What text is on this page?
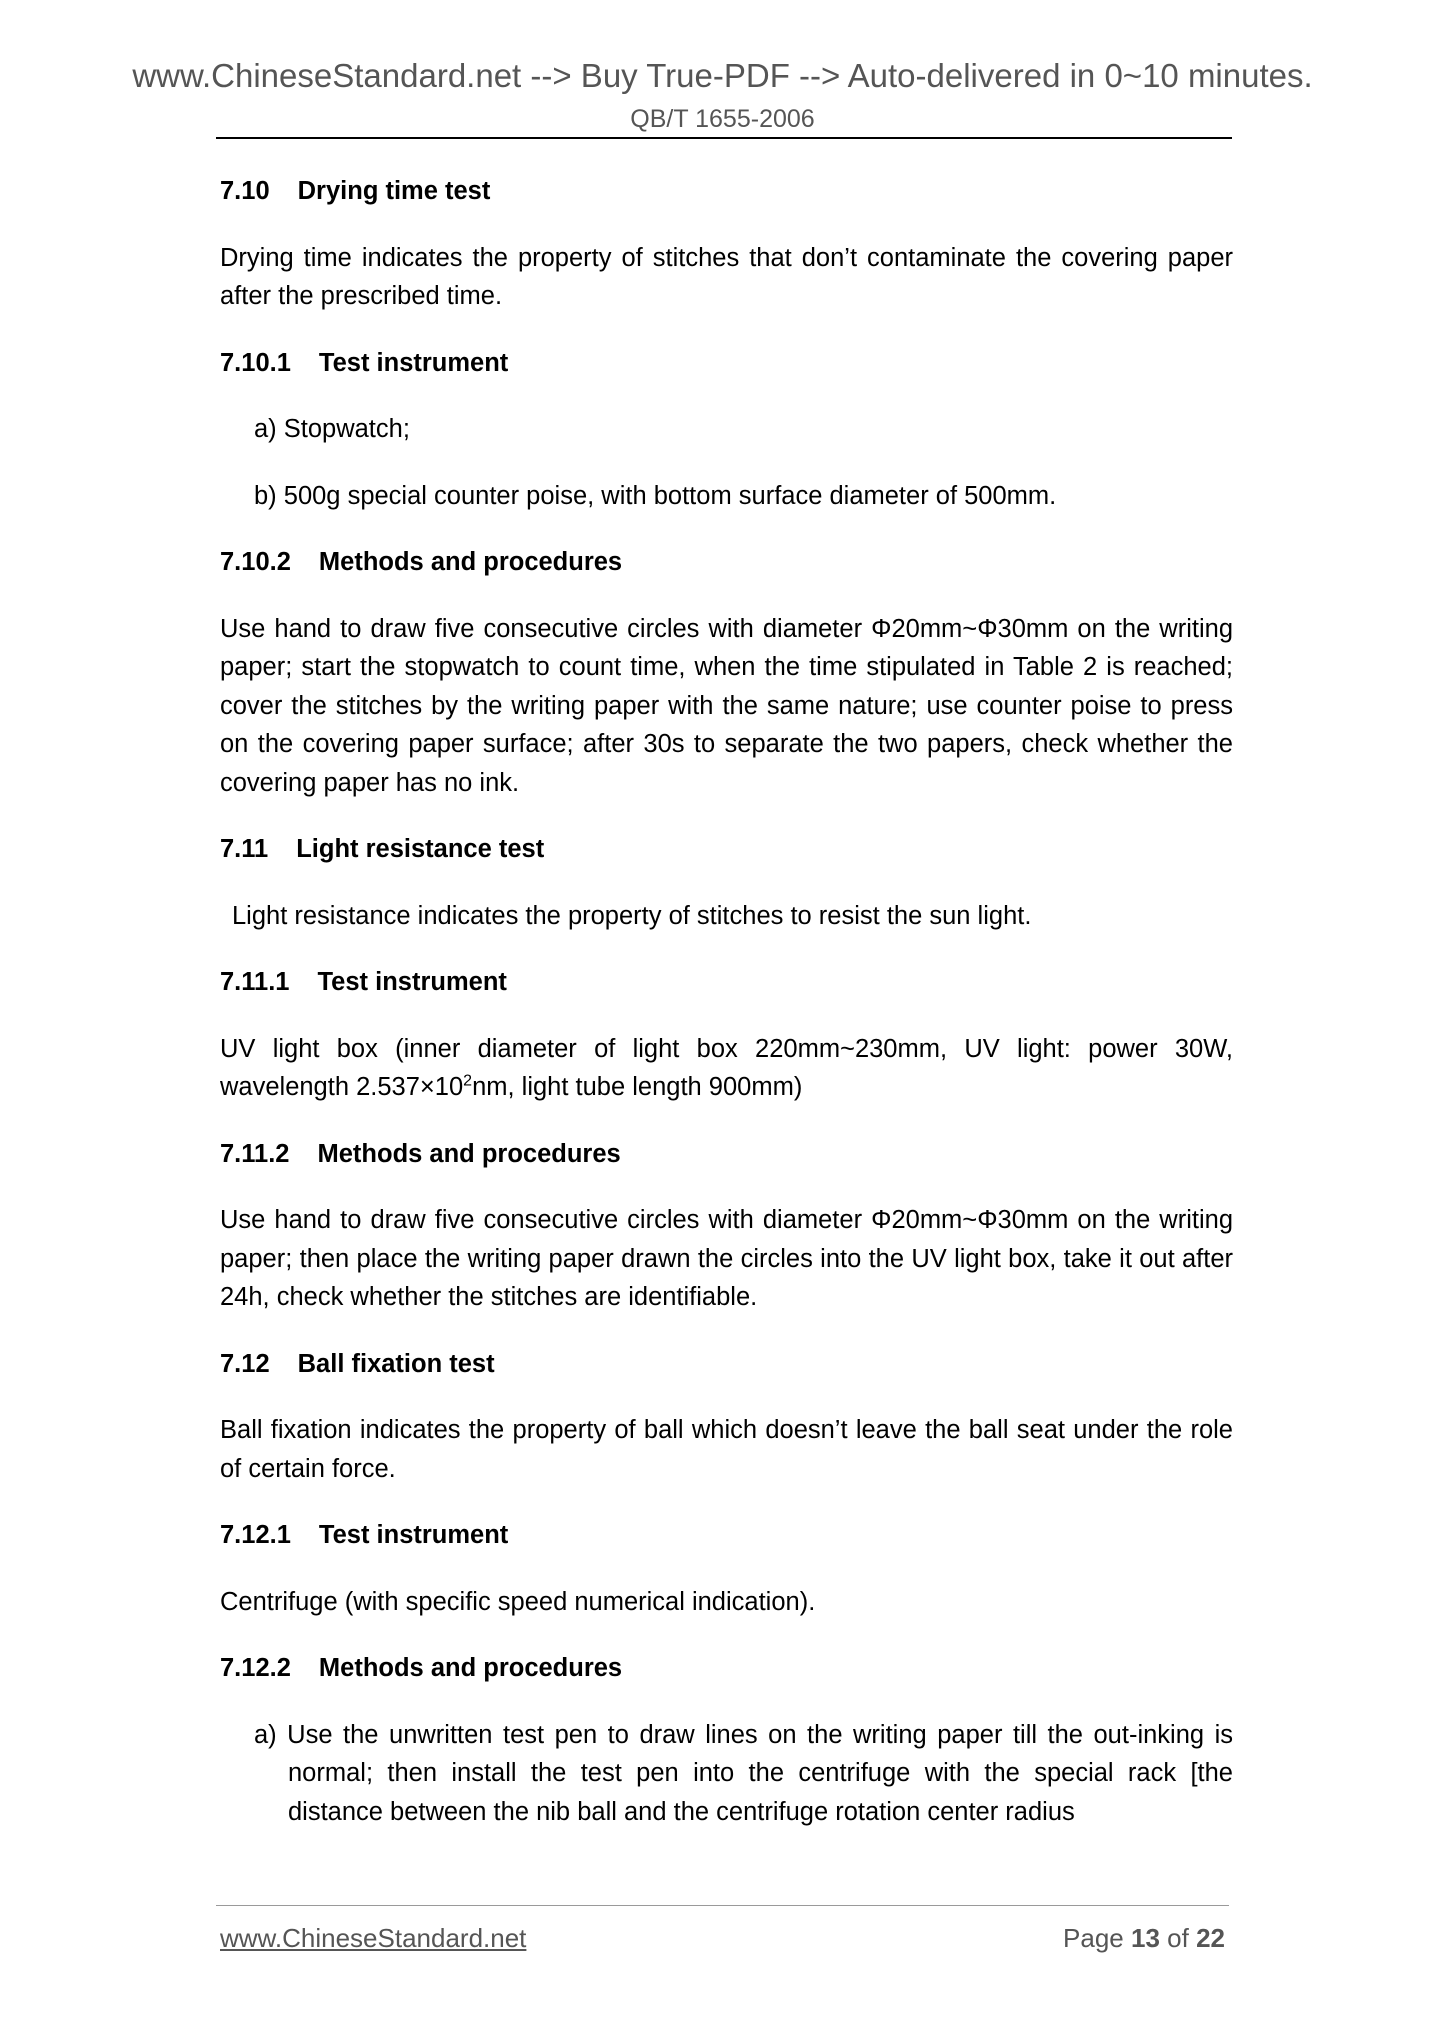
www.ChineseStandard.net --> Buy True-PDF --> Auto-delivered in 0~10 minutes.
QB/T 1655-2006
7.10 Drying time test
Drying time indicates the property of stitches that don’t contaminate the covering paper after the prescribed time.
7.10.1 Test instrument
a) Stopwatch;
b) 500g special counter poise, with bottom surface diameter of 500mm.
7.10.2 Methods and procedures
Use hand to draw five consecutive circles with diameter Φ20mm~Φ30mm on the writing paper; start the stopwatch to count time, when the time stipulated in Table 2 is reached; cover the stitches by the writing paper with the same nature; use counter poise to press on the covering paper surface; after 30s to separate the two papers, check whether the covering paper has no ink.
7.11 Light resistance test
Light resistance indicates the property of stitches to resist the sun light.
7.11.1 Test instrument
UV light box (inner diameter of light box 220mm~230mm, UV light: power 30W, wavelength $2.537\times 10^2nm$, light tube length 900mm)
7.11.2 Methods and procedures
Use hand to draw five consecutive circles with diameter Φ20mm~Φ30mm on the writing paper; then place the writing paper drawn the circles into the UV light box, take it out after 24h, check whether the stitches are identifiable.
7.12 Ball fixation test
Ball fixation indicates the property of ball which doesn’t leave the ball seat under the role of certain force.
7.12.1 Test instrument
Centrifuge (with specific speed numerical indication).
7.12.2 Methods and procedures
a) Use the unwritten test pen to draw lines on the writing paper till the out-inking is normal; then install the test pen into the centrifuge with the special rack [the distance between the nib ball and the centrifuge rotation center radius
www.ChineseStandard.net	Page 13 of 22
